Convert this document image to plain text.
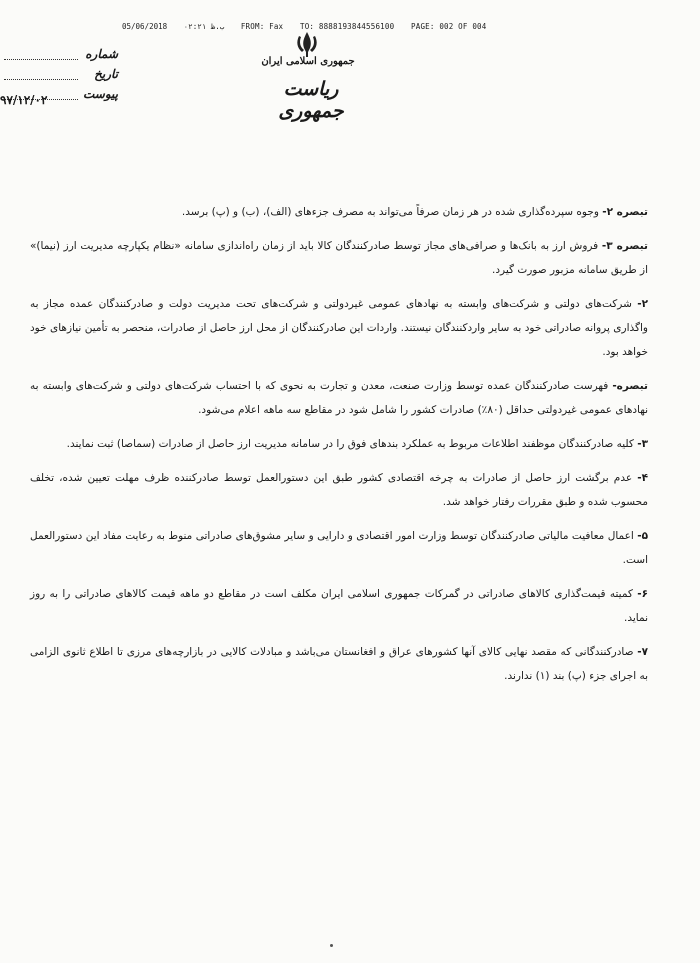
05/06/2018 ب.ظ ۰۲:۲۱ FROM: Fax TO: 8888193844556100 PAGE: 002 OF 004
جمهوری اسلامی ایران
ریاست جمهوری
شماره
تاریخ
پیوست
۹۷/۱۲/۰۲

تبصره ۲- وجوه سپرده‌گذاری شده در هر زمان صرفاً می‌تواند به مصرف جزءهای (الف)، (ب) و (پ) برسد.

تبصره ۳- فروش ارز به بانک‌ها و صرافی‌های مجاز توسط صادرکنندگان کالا باید از زمان راه‌اندازی سامانه «نظام یکپارچه مدیریت ارز (نیما)» از طریق سامانه مزبور صورت گیرد.

۲- شرکت‌های دولتی و شرکت‌های وابسته به نهادهای عمومی غیردولتی و شرکت‌های تحت مدیریت دولت و صادرکنندگان عمده مجاز به واگذاری پروانه صادراتی خود به سایر واردکنندگان نیستند. واردات این صادرکنندگان از محل ارز حاصل از صادرات، منحصر به تأمین نیازهای خود خواهد بود.

تبصره- فهرست صادرکنندگان عمده توسط وزارت صنعت، معدن و تجارت به نحوی که با احتساب شرکت‌های دولتی و شرکت‌های وابسته به نهادهای عمومی غیردولتی حداقل (۸۰٪) صادرات کشور را شامل شود در مقاطع سه ماهه اعلام می‌شود.

۳- کلیه صادرکنندگان موظفند اطلاعات مربوط به عملکرد بندهای فوق را در سامانه مدیریت ارز حاصل از صادرات (سماصا) ثبت نمایند.

۴- عدم برگشت ارز حاصل از صادرات به چرخه اقتصادی کشور طبق این دستورالعمل توسط صادرکننده ظرف مهلت تعیین شده، تخلف محسوب شده و طبق مقررات رفتار خواهد شد.

۵- اعمال معافیت مالیاتی صادرکنندگان توسط وزارت امور اقتصادی و دارایی و سایر مشوق‌های صادراتی منوط به رعایت مفاد این دستورالعمل است.

۶- کمیته قیمت‌گذاری کالاهای صادراتی در گمرکات جمهوری اسلامی ایران مکلف است در مقاطع دو ماهه قیمت کالاهای صادراتی را به روز نماید.

۷- صادرکنندگانی که مقصد نهایی کالای آنها کشورهای عراق و افغانستان می‌باشد و مبادلات کالایی در بازارچه‌های مرزی تا اطلاع ثانوی الزامی به اجرای جزء (پ) بند (۱) ندارند.
